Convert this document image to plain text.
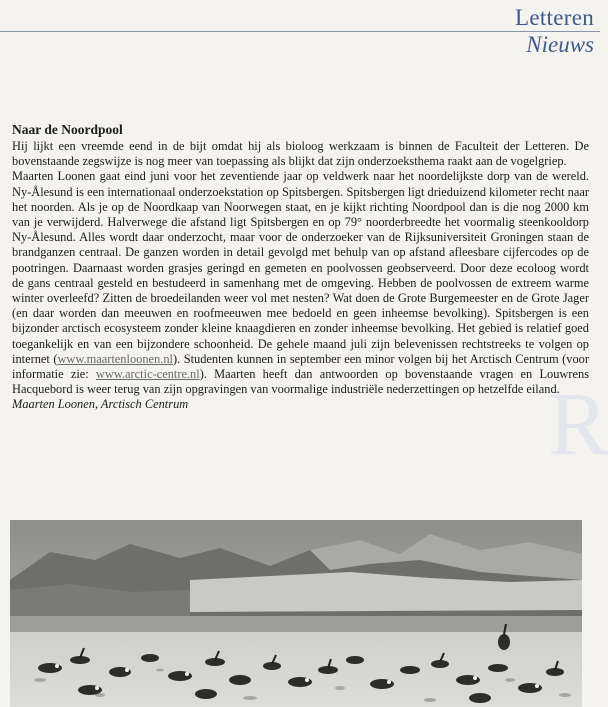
Letteren
Nieuws
R
Naar de Noordpool

Hij lijkt een vreemde eend in de bijt omdat hij als bioloog werkzaam is binnen de Faculteit der Letteren. De bovenstaande zegswijze is nog meer van toepassing als blijkt dat zijn onderzoeksthema raakt aan de vogelgriep.

Maarten Loonen gaat eind juni voor het zeventiende jaar op veldwerk naar het noordelijkste dorp van de wereld. Ny-Ålesund is een internationaal onderzoekstation op Spitsbergen. Spitsbergen ligt drieduizend kilometer recht naar het noorden. Als je op de Noordkaap van Noorwegen staat, en je kijkt richting Noordpool dan is die nog 2000 km van je verwijderd. Halverwege die afstand ligt Spitsbergen en op 79° noorderbreedte het voormalig steenkooldorp Ny-Ålesund. Alles wordt daar onderzocht, maar voor de onderzoeker van de Rijksuniversiteit Groningen staan de brandganzen centraal. De ganzen worden in detail gevolgd met behulp van op afstand afleesbare cijfercodes op de pootringen. Daarnaast worden grasjes geringd en gemeten en poolvossen geobserveerd. Door deze ecoloog wordt de gans centraal gesteld en bestudeerd in samenhang met de omgeving. Hebben de poolvossen de extreem warme winter overleefd? Zitten de broedeilanden weer vol met nesten? Wat doen de Grote Burgemeester en de Grote Jager (en daar worden dan meeuwen en roofmeeuwen mee bedoeld en geen inheemse bevolking). Spitsbergen is een bijzonder arctisch ecosysteem zonder kleine knaagdieren en zonder inheemse bevolking. Het gebied is relatief goed toegankelijk en van een bijzondere schoonheid. De gehele maand juli zijn belevenissen rechtstreeks te volgen op internet (www.maartenloonen.nl). Studenten kunnen in september een minor volgen bij het Arctisch Centrum (voor informatie zie: www.arctic-centre.nl). Maarten heeft dan antwoorden op bovenstaande vragen en Louwrens Hacquebord is weer terug van zijn opgravingen van voormalige industriële nederzettingen op hetzelfde eiland.

Maarten Loonen, Arctisch Centrum
